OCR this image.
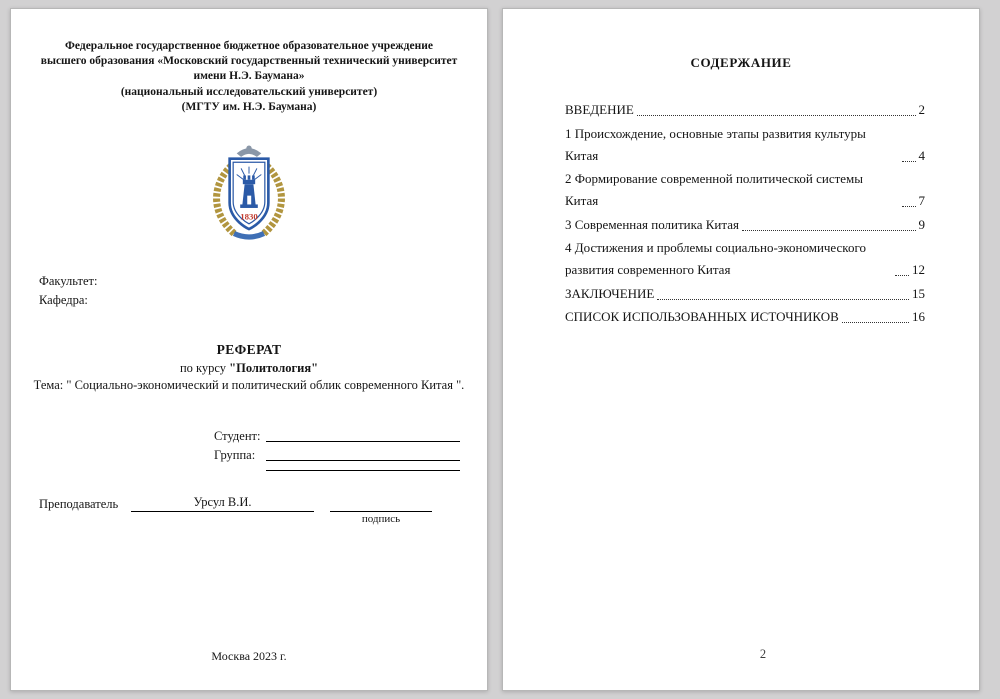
Федеральное государственное бюджетное образовательное учреждение
высшего образования «Московский государственный технический университет
имени Н.Э. Баумана»
(национальный исследовательский университет)
(МГТУ им. Н.Э. Баумана)
1830
Факультет:
Кафедра:
РЕФЕРАТ
по курсу "Политология"
Тема: " Социально-экономический и политический облик современного Китая ".
Студент:
Группа:
Преподаватель	Урсул В.И.
подпись
Москва 2023 г.
СОДЕРЖАНИЕ
ВВЕДЕНИЕ	2
1 Происхождение, основные этапы развития культуры Китая	4
2 Формирование современной политической системы Китая	7
3 Современная политика Китая	9
4 Достижения и проблемы социально-экономического развития современного Китая	12
ЗАКЛЮЧЕНИЕ	15
СПИСОК ИСПОЛЬЗОВАННЫХ ИСТОЧНИКОВ	16
2
